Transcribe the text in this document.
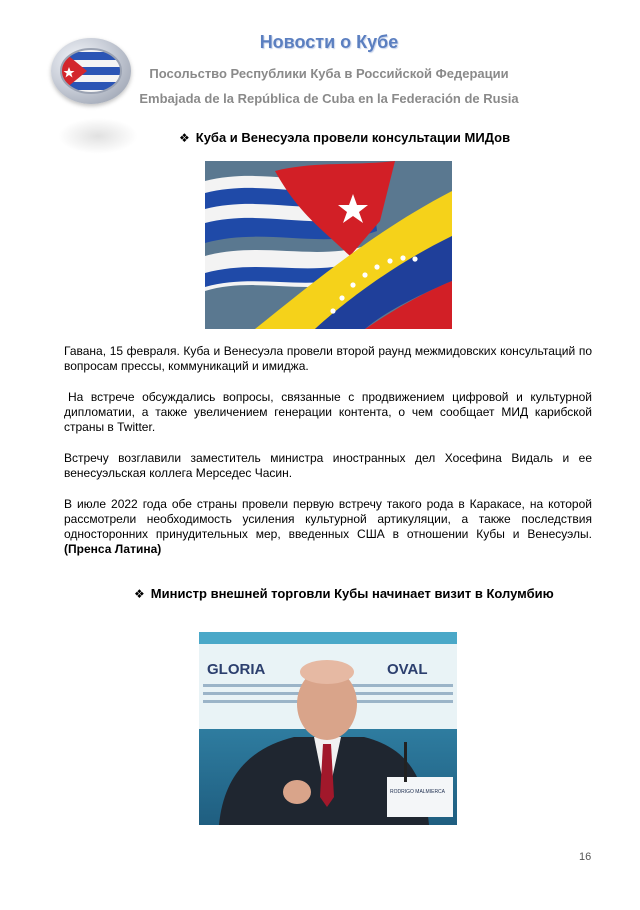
Новости о Кубе
Посольство Республики Куба в Российской Федерации
Embajada de la República de Cuba en la Federación de Rusia
❖ Куба и Венесуэла провели консультации МИДов

Гавана, 15 февраля. Куба и Венесуэла провели второй раунд межмидовских консультаций по вопросам прессы, коммуникаций и имиджа.

На встрече обсуждались вопросы, связанные с продвижением цифровой и культурной дипломатии, а также увеличением генерации контента, о чем сообщает МИД карибской страны в Twitter.

Встречу возглавили заместитель министра иностранных дел Хосефина Видаль и ее венесуэльская коллега Мерседес Часин.

В июле 2022 года обе страны провели первую встречу такого рода в Каракасе, на которой рассмотрели необходимость усиления культурной артикуляции, а также последствия односторонних принудительных мер, введенных США в отношении Кубы и Венесуэлы. (Пренса Латина)

❖ Министр внешней торговли Кубы начинает визит в Колумбию
GLORIA	OVAL
RODRIGO MALMIERCA
16
